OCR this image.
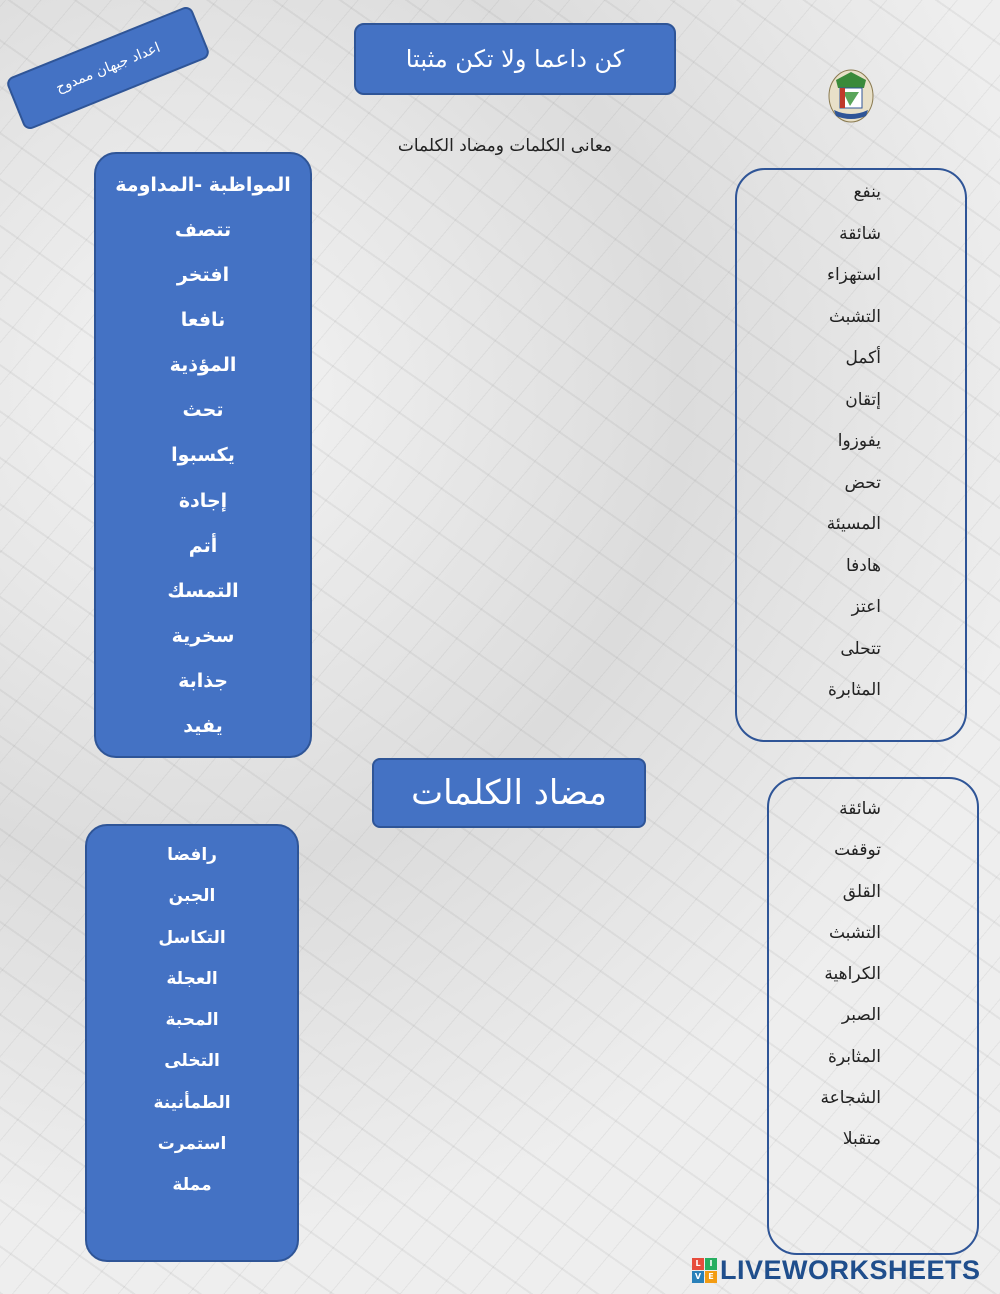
كن داعما ولا تكن مثبتا
اعداد جيهان ممدوح
معانى الكلمات ومضاد الكلمات
المواظبة -المداومة
تتصف
افتخر
نافعا
المؤذية
تحث
يكسبوا
إجادة
أتم
التمسك
سخرية
جذابة
يفيد
ينفع
شائقة
استهزاء
التشبث
أكمل
إتقان
يفوزوا
تحض
المسيئة
هادفا
اعتز
تتحلى
المثابرة
مضاد الكلمات
رافضا
الجبن
التكاسل
العجلة
المحبة
التخلى
الطمأنينة
استمرت
مملة
شائقة
توقفت
القلق
التشبث
الكراهية
الصبر
المثابرة
الشجاعة
متقبلا
L	I
V E LIVEWORKSHEETS
